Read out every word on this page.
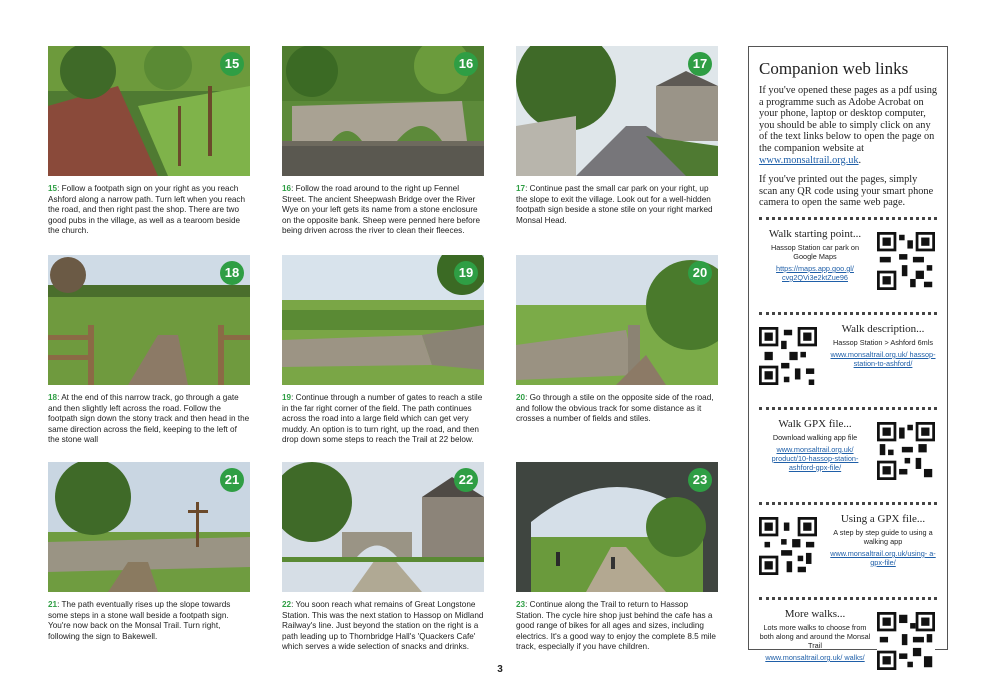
15
15: Follow a footpath sign on your right as you reach Ashford along a narrow path. Turn left when you reach the road, and then right past the shop. There are two good pubs in the village, as well as a tearoom beside the church.
16
16: Follow the road around to the right up Fennel Street. The ancient Sheepwash Bridge over the River Wye on your left gets its name from a stone enclosure on the opposite bank. Sheep were penned here before being driven across the river to clean their fleeces.
17
17: Continue past the small car park on your right, up the slope to exit the village. Look out for a well-hidden footpath sign beside a stone stile on your right marked Monsal Head.
18
18: At the end of this narrow track, go through a gate and then slightly left across the road. Follow the footpath sign down the stony track and then head in the same direction across the field, keeping to the left of the stone wall
19
19: Continue through a number of gates to reach a stile in the far right corner of the field. The path continues across the road into a large field which can get very muddy. An option is to turn right, up the road, and then drop down some steps to reach the Trail at 22 below.
20
20: Go through a stile on the opposite side of the road, and follow the obvious track for some distance as it crosses a number of fields and stiles.
21
21: The path eventually rises up the slope towards some steps in a stone wall beside a footpath sign. You're now back on the Monsal Trail. Turn right, following the sign to Bakewell.
22
22: You soon reach what remains of Great Longstone Station. This was the next station to Hassop on Midland Railway's line. Just beyond the station on the right is a path leading up to Thornbridge Hall's 'Quackers Cafe' which serves a wide selection of snacks and drinks.
23
23: Continue along the Trail to return to Hassop Station. The cycle hire shop just behind the cafe has a good range of bikes for all ages and sizes, including electrics. It's a good way to enjoy the complete 8.5 mile track, especially if you have children.
Companion web links

If you've opened these pages as a pdf using a programme such as Adobe Acrobat on your phone, laptop or desktop computer, you should be able to simply click on any of the text links below to open the page on the companion website at www.monsaltrail.org.uk.

If you've printed out the pages, simply scan any QR code using your smart phone camera to open the same web page.

Walk starting point...
Hassop Station car park on Google Maps
https://maps.app.goo.gl/ cvg2QVi3e2ktZue96
Walk description...
Hassop Station > Ashford 6mls
www.monsaltrail.org.uk/ hassop-station-to-ashford/
Walk GPX file...
Download walking app file
www.monsaltrail.org.uk/ product/10-hassop-station- ashford-gpx-file/
Using a GPX file...
A step by step guide to using a walking app
www.monsaltrail.org.uk/using- a-gpx-file/
More walks...
Lots more walks to choose from both along and around the Monsal Trail
www.monsaltrail.org.uk/ walks/
3
